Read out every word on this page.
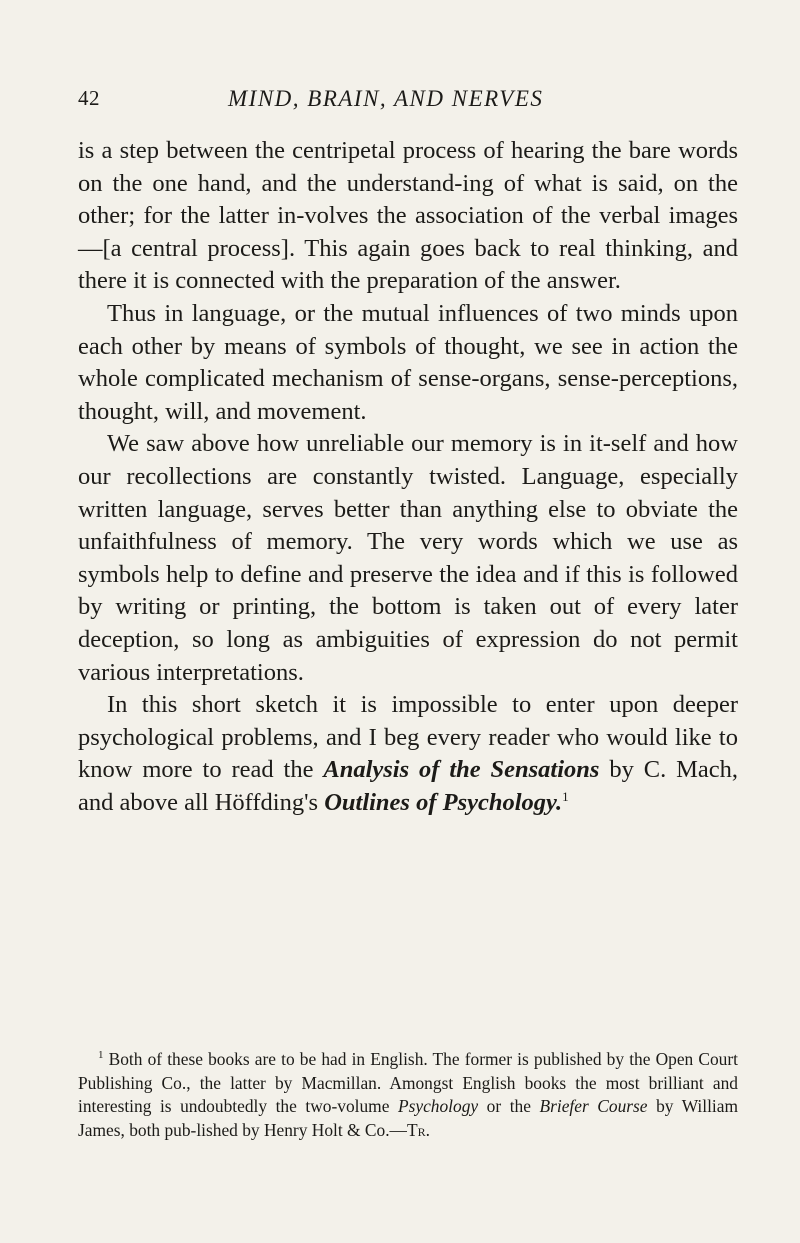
42	MIND, BRAIN, AND NERVES

is a step between the centripetal process of hearing the bare words on the one hand, and the understand-ing of what is said, on the other; for the latter in-volves the association of the verbal images—[a central process]. This again goes back to real thinking, and there it is connected with the preparation of the answer.

Thus in language, or the mutual influences of two minds upon each other by means of symbols of thought, we see in action the whole complicated mechanism of sense-organs, sense-perceptions, thought, will, and movement.

We saw above how unreliable our memory is in it-self and how our recollections are constantly twisted. Language, especially written language, serves better than anything else to obviate the unfaithfulness of memory. The very words which we use as symbols help to define and preserve the idea and if this is followed by writing or printing, the bottom is taken out of every later deception, so long as ambiguities of expression do not permit various interpretations.

In this short sketch it is impossible to enter upon deeper psychological problems, and I beg every reader who would like to know more to read the Analysis of the Sensations by C. Mach, and above all Höffding's Outlines of Psychology.$^1$

$^1$ Both of these books are to be had in English. The former is published by the Open Court Publishing Co., the latter by Macmillan. Amongst English books the most brilliant and interesting is undoubtedly the two-volume Psychology or the Briefer Course by William James, both pub-lished by Henry Holt & Co.—Tr.
